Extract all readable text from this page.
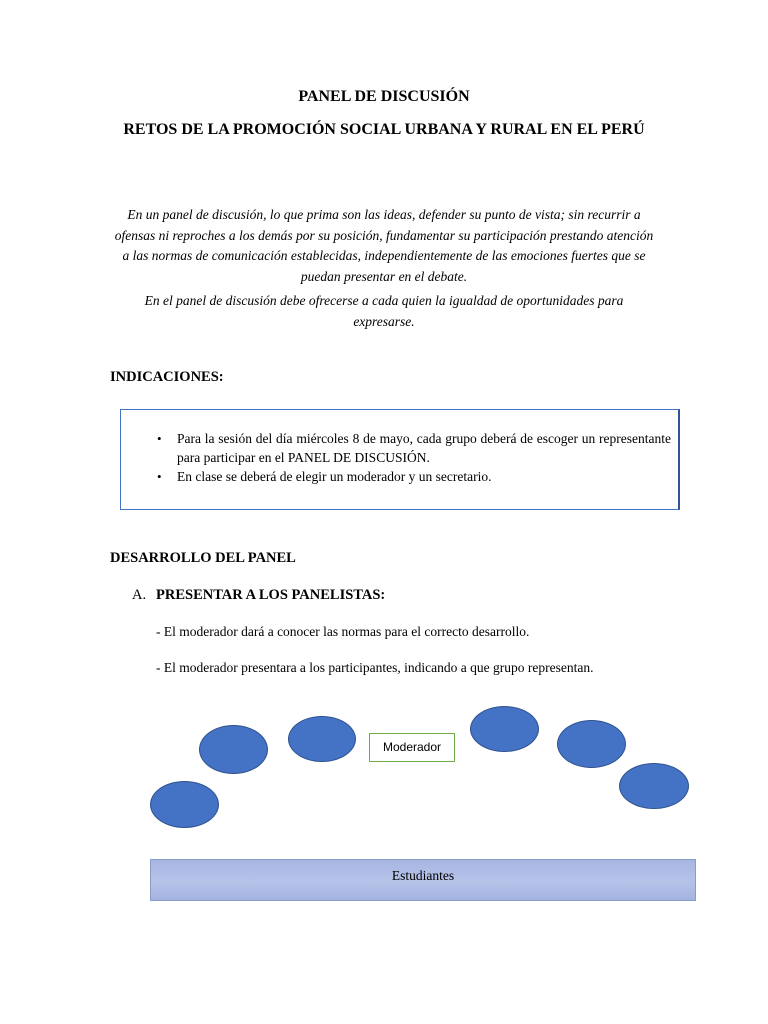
PANEL DE DISCUSIÓN
RETOS DE LA PROMOCIÓN SOCIAL URBANA Y RURAL EN EL PERÚ
En un panel de discusión, lo que prima son las ideas, defender su punto de vista; sin recurrir a ofensas ni reproches a los demás por su posición, fundamentar su participación prestando atención a las normas de comunicación establecidas, independientemente de las emociones fuertes que se puedan presentar en el debate.
En el panel de discusión debe ofrecerse a cada quien la igualdad de oportunidades para expresarse.
INDICACIONES:
• Para la sesión del día miércoles 8 de mayo, cada grupo deberá de escoger un representante para participar en el PANEL DE DISCUSIÓN.
• En clase se deberá de elegir un moderador y un secretario.
DESARROLLO DEL PANEL
A. PRESENTAR A LOS PANELISTAS:
- El moderador dará a conocer las normas para el correcto desarrollo.
- El moderador presentara a los participantes, indicando a que grupo representan.
Moderador
Estudiantes
